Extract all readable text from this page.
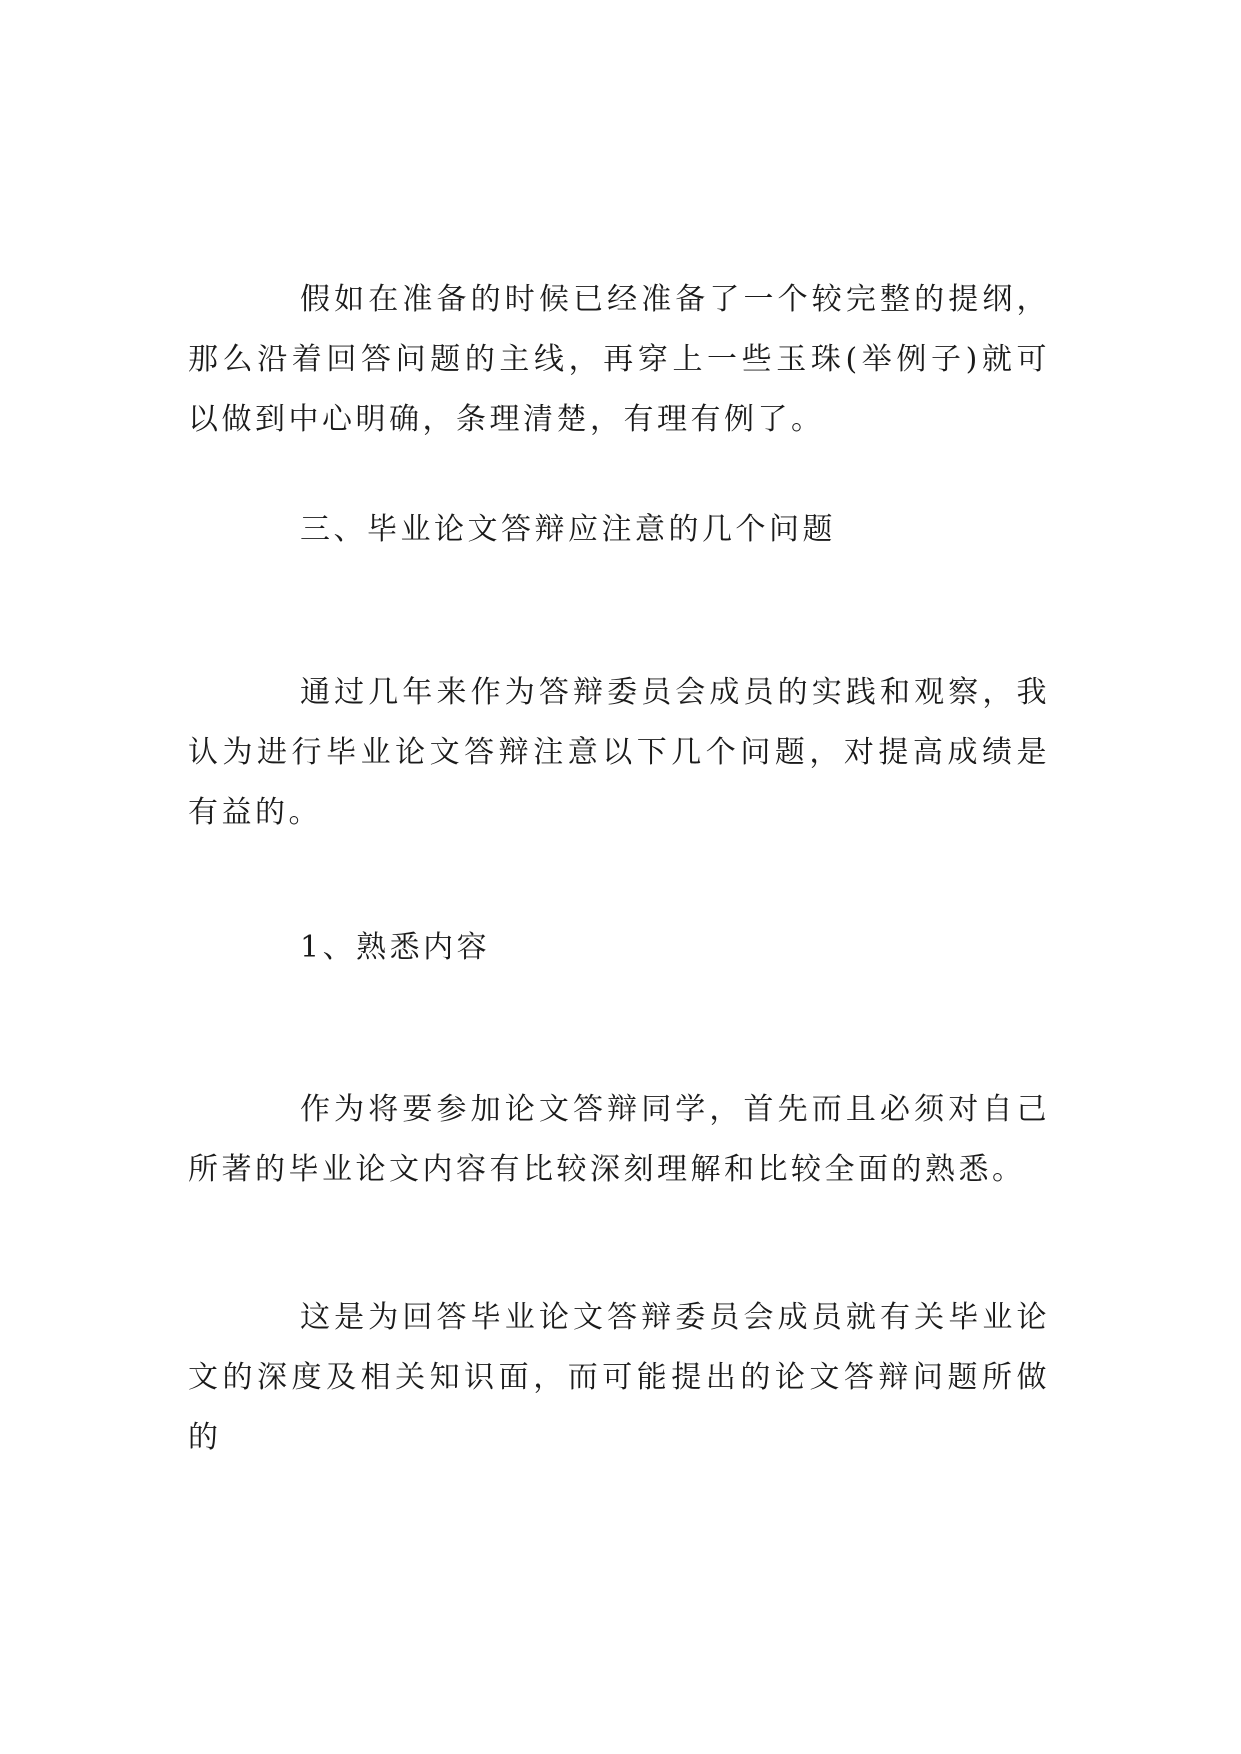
假如在准备的时候已经准备了一个较完整的提纲，那么沿着回答问题的主线，再穿上一些玉珠(举例子)就可以做到中心明确，条理清楚，有理有例了。

三、毕业论文答辩应注意的几个问题

通过几年来作为答辩委员会成员的实践和观察，我认为进行毕业论文答辩注意以下几个问题，对提高成绩是有益的。

1、熟悉内容

作为将要参加论文答辩同学，首先而且必须对自己所著的毕业论文内容有比较深刻理解和比较全面的熟悉。

这是为回答毕业论文答辩委员会成员就有关毕业论文的深度及相关知识面，而可能提出的论文答辩问题所做的
